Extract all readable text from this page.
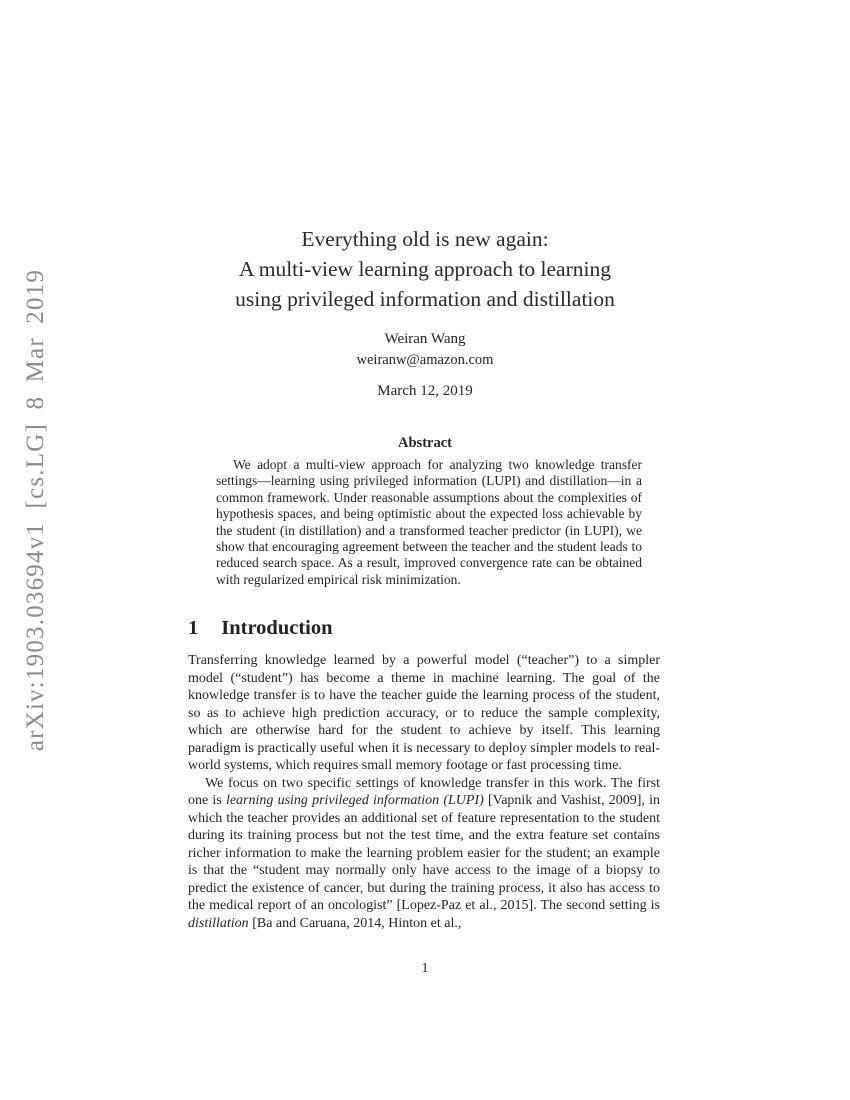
arXiv:1903.03694v1 [cs.LG] 8 Mar 2019
Everything old is new again:
A multi-view learning approach to learning
using privileged information and distillation
Weiran Wang
weiranw@amazon.com
March 12, 2019
Abstract

We adopt a multi-view approach for analyzing two knowledge transfer settings—learning using privileged information (LUPI) and distillation—in a common framework. Under reasonable assumptions about the complexities of hypothesis spaces, and being optimistic about the expected loss achievable by the student (in distillation) and a transformed teacher predictor (in LUPI), we show that encouraging agreement between the teacher and the student leads to reduced search space. As a result, improved convergence rate can be obtained with regularized empirical risk minimization.

1 Introduction

Transferring knowledge learned by a powerful model (“teacher”) to a simpler model (“student”) has become a theme in machine learning. The goal of the knowledge transfer is to have the teacher guide the learning process of the student, so as to achieve high prediction accuracy, or to reduce the sample complexity, which are otherwise hard for the student to achieve by itself. This learning paradigm is practically useful when it is necessary to deploy simpler models to real-world systems, which requires small memory footage or fast processing time.

We focus on two specific settings of knowledge transfer in this work. The first one is learning using privileged information (LUPI) [Vapnik and Vashist, 2009], in which the teacher provides an additional set of feature representation to the student during its training process but not the test time, and the extra feature set contains richer information to make the learning problem easier for the student; an example is that the “student may normally only have access to the image of a biopsy to predict the existence of cancer, but during the training process, it also has access to the medical report of an oncologist” [Lopez-Paz et al., 2015]. The second setting is distillation [Ba and Caruana, 2014, Hinton et al.,

1
